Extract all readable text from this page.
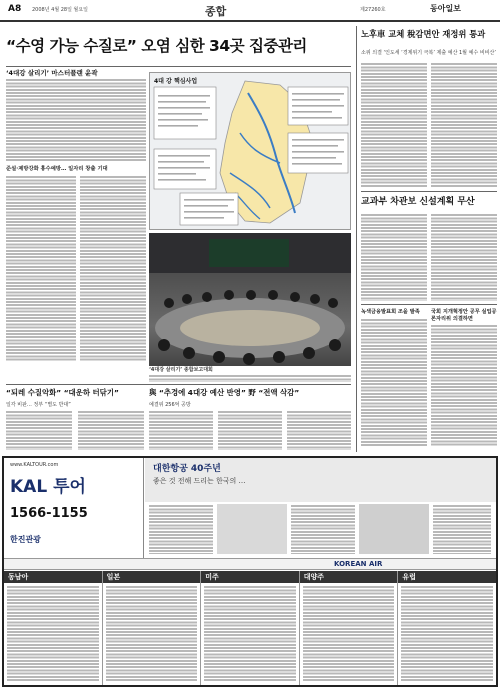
A8 2008년 4월 28일 월요일	종합	제27260호	동아일보
“수영 가능 수질로” 오염 심한 34곳 집중관리
‘4대강 살리기’ 마스터플랜 윤곽
준설·제방강화 홍수예방… 일자리 창출 기대
4대 강 핵심사업
‘4대강 살리기’ 종합보고대회
노후車 교체 稅감면안 재정위 통과
소위 의결 ‘인도세 ‘경제위기 극복’ 제출 예산 1월 예수 비비산’
교과부 차관보 신설계획 무산
녹색금융발표회 조을 발족	국회 지개혁정안 공무 실업공론자리위 의결하면
“되레 수질악화” “대운하 터닦기”
일각 비판… 정부 “별도 반대”
與 “추경에 4대강 예산 반영” 野 “전액 삭감”
예결위 256억 공방
www.KALTOUR.com
KAL 투어
1566-1155
한진관광
대한항공 40주년
좋은 것 전해 드리는 한국의 …
KOREAN AIR
동남아	일본	미주	대양주	유럽
